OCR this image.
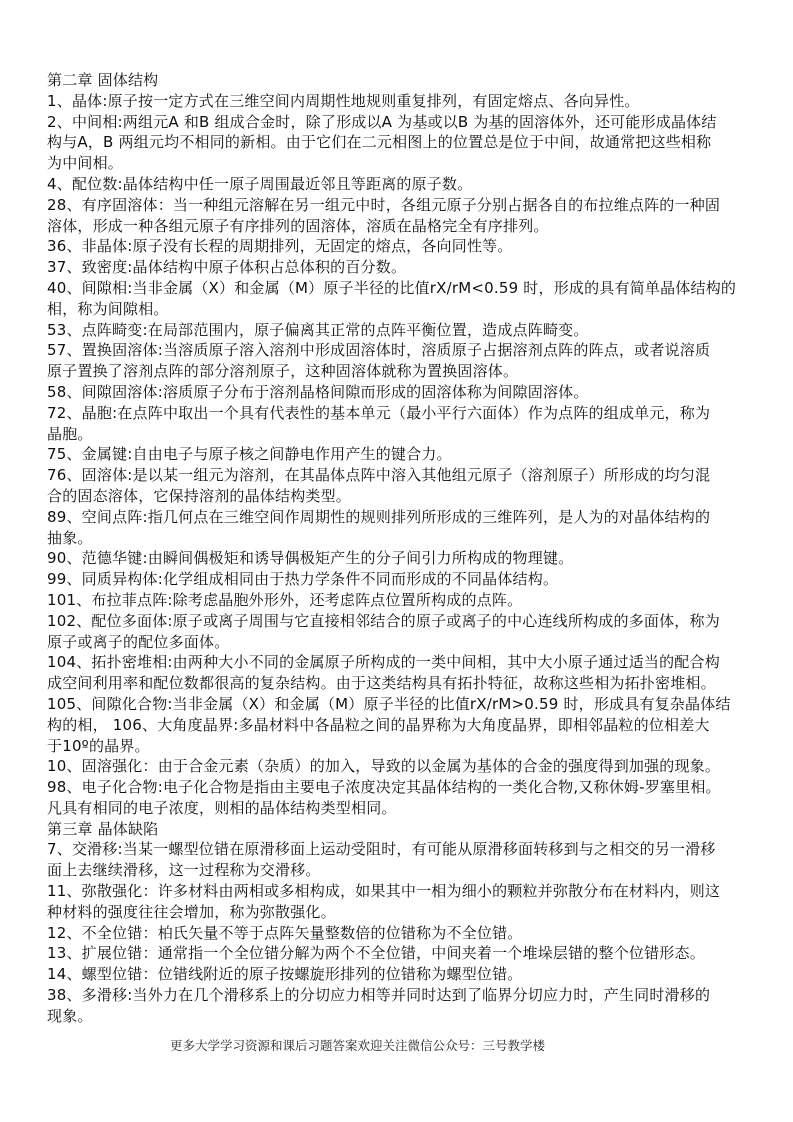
第二章 固体结构
1、晶体:原子按一定方式在三维空间内周期性地规则重复排列，有固定熔点、各向异性。
2、中间相:两组元A 和B 组成合金时，除了形成以A 为基或以B 为基的固溶体外，还可能形成晶体结
构与A，B 两组元均不相同的新相。由于它们在二元相图上的位置总是位于中间，故通常把这些相称
为中间相。
4、配位数:晶体结构中任一原子周围最近邻且等距离的原子数。
28、有序固溶体：当一种组元溶解在另一组元中时，各组元原子分别占据各自的布拉维点阵的一种固
溶体，形成一种各组元原子有序排列的固溶体，溶质在晶格完全有序排列。
36、非晶体:原子没有长程的周期排列，无固定的熔点，各向同性等。
37、致密度:晶体结构中原子体积占总体积的百分数。
40、间隙相:当非金属（X）和金属（M）原子半径的比值rX/rM<0.59 时，形成的具有简单晶体结构的
相，称为间隙相。
53、点阵畸变:在局部范围内，原子偏离其正常的点阵平衡位置，造成点阵畸变。
57、置换固溶体:当溶质原子溶入溶剂中形成固溶体时，溶质原子占据溶剂点阵的阵点，或者说溶质
原子置换了溶剂点阵的部分溶剂原子，这种固溶体就称为置换固溶体。
58、间隙固溶体:溶质原子分布于溶剂晶格间隙而形成的固溶体称为间隙固溶体。
72、晶胞:在点阵中取出一个具有代表性的基本单元（最小平行六面体）作为点阵的组成单元，称为
晶胞。
75、金属键:自由电子与原子核之间静电作用产生的键合力。
76、固溶体:是以某一组元为溶剂，在其晶体点阵中溶入其他组元原子（溶剂原子）所形成的均匀混
合的固态溶体，它保持溶剂的晶体结构类型。
89、空间点阵:指几何点在三维空间作周期性的规则排列所形成的三维阵列，是人为的对晶体结构的
抽象。
90、范德华键:由瞬间偶极矩和诱导偶极矩产生的分子间引力所构成的物理键。
99、同质异构体:化学组成相同由于热力学条件不同而形成的不同晶体结构。
101、布拉菲点阵:除考虑晶胞外形外，还考虑阵点位置所构成的点阵。
102、配位多面体:原子或离子周围与它直接相邻结合的原子或离子的中心连线所构成的多面体，称为
原子或离子的配位多面体。
104、拓扑密堆相:由两种大小不同的金属原子所构成的一类中间相，其中大小原子通过适当的配合构
成空间利用率和配位数都很高的复杂结构。由于这类结构具有拓扑特征，故称这些相为拓扑密堆相。
105、间隙化合物:当非金属（X）和金属（M）原子半径的比值rX/rM>0.59 时，形成具有复杂晶体结
构的相， 106、大角度晶界:多晶材料中各晶粒之间的晶界称为大角度晶界，即相邻晶粒的位相差大
于10º的晶界。
10、固溶强化：由于合金元素（杂质）的加入，导致的以金属为基体的合金的强度得到加强的现象。
98、电子化合物:电子化合物是指由主要电子浓度决定其晶体结构的一类化合物,又称休姆-罗塞里相。
凡具有相同的电子浓度，则相的晶体结构类型相同。
第三章 晶体缺陷
7、交滑移:当某一螺型位错在原滑移面上运动受阻时，有可能从原滑移面转移到与之相交的另一滑移
面上去继续滑移，这一过程称为交滑移。
11、弥散强化：许多材料由两相或多相构成，如果其中一相为细小的颗粒并弥散分布在材料内，则这
种材料的强度往往会增加，称为弥散强化。
12、不全位错：柏氏矢量不等于点阵矢量整数倍的位错称为不全位错。
13、扩展位错：通常指一个全位错分解为两个不全位错，中间夹着一个堆垛层错的整个位错形态。
14、螺型位错：位错线附近的原子按螺旋形排列的位错称为螺型位错。
38、多滑移:当外力在几个滑移系上的分切应力相等并同时达到了临界分切应力时，产生同时滑移的
现象。
更多大学学习资源和课后习题答案欢迎关注微信公众号：三号教学楼
